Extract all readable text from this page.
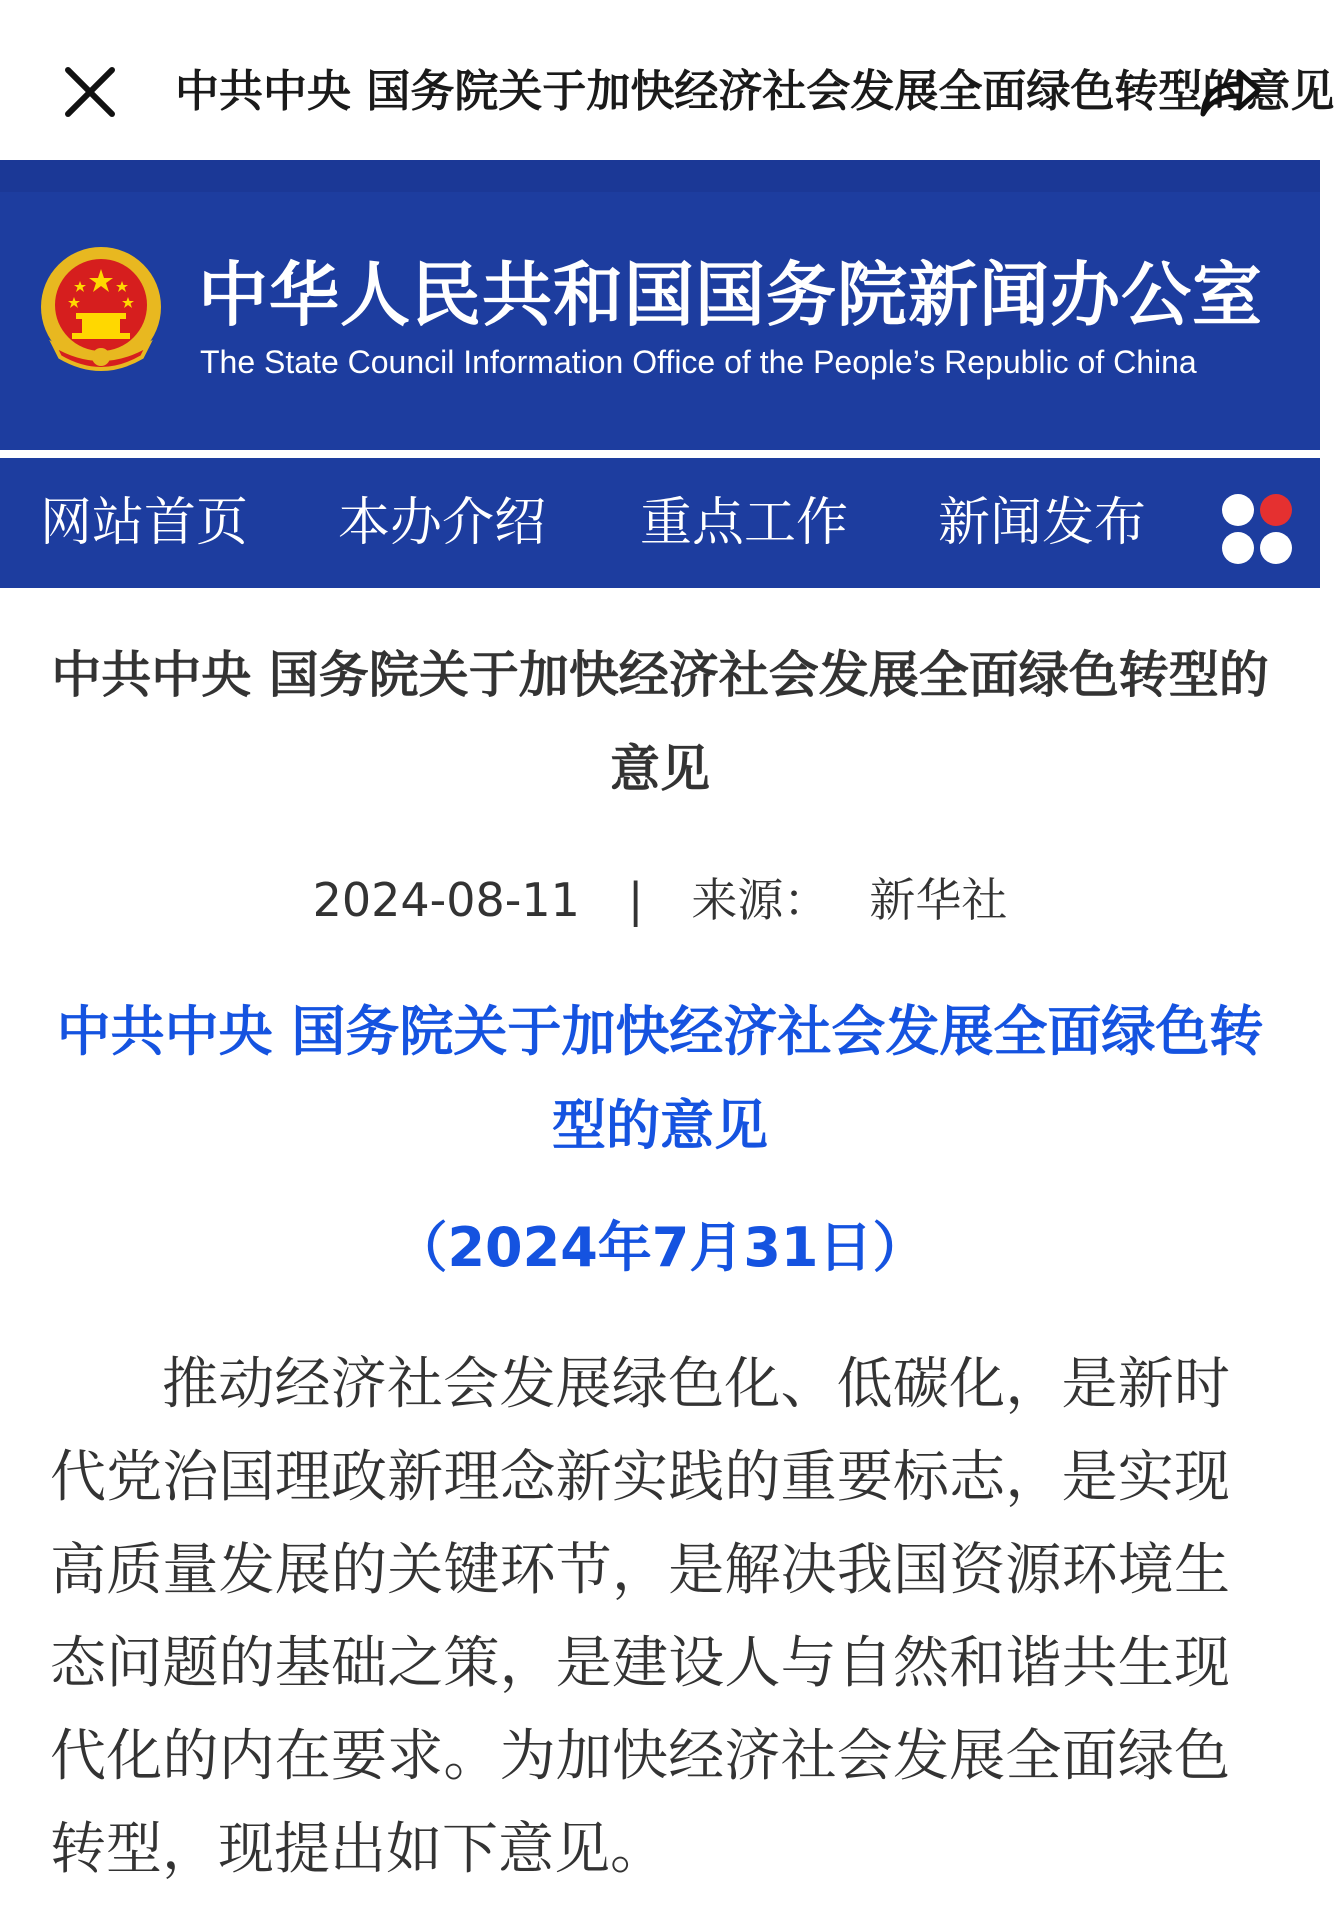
中共中央 国务院关于加快经济社会发展全面绿色转型的意见
中华人民共和国国务院新闻办公室
The State Council Information Office of the People’s Republic of China
网站首页 本办介绍 重点工作 新闻发布
中共中央 国务院关于加快经济社会发展全面绿色转型的意见
2024-08-11 | 来源： 新华社
中共中央 国务院关于加快经济社会发展全面绿色转型的意见
（2024年7月31日）

推动经济社会发展绿色化、低碳化，是新时代党治国理政新理念新实践的重要标志，是实现高质量发展的关键环节，是解决我国资源环境生态问题的基础之策，是建设人与自然和谐共生现代化的内在要求。为加快经济社会发展全面绿色转型，现提出如下意见。
